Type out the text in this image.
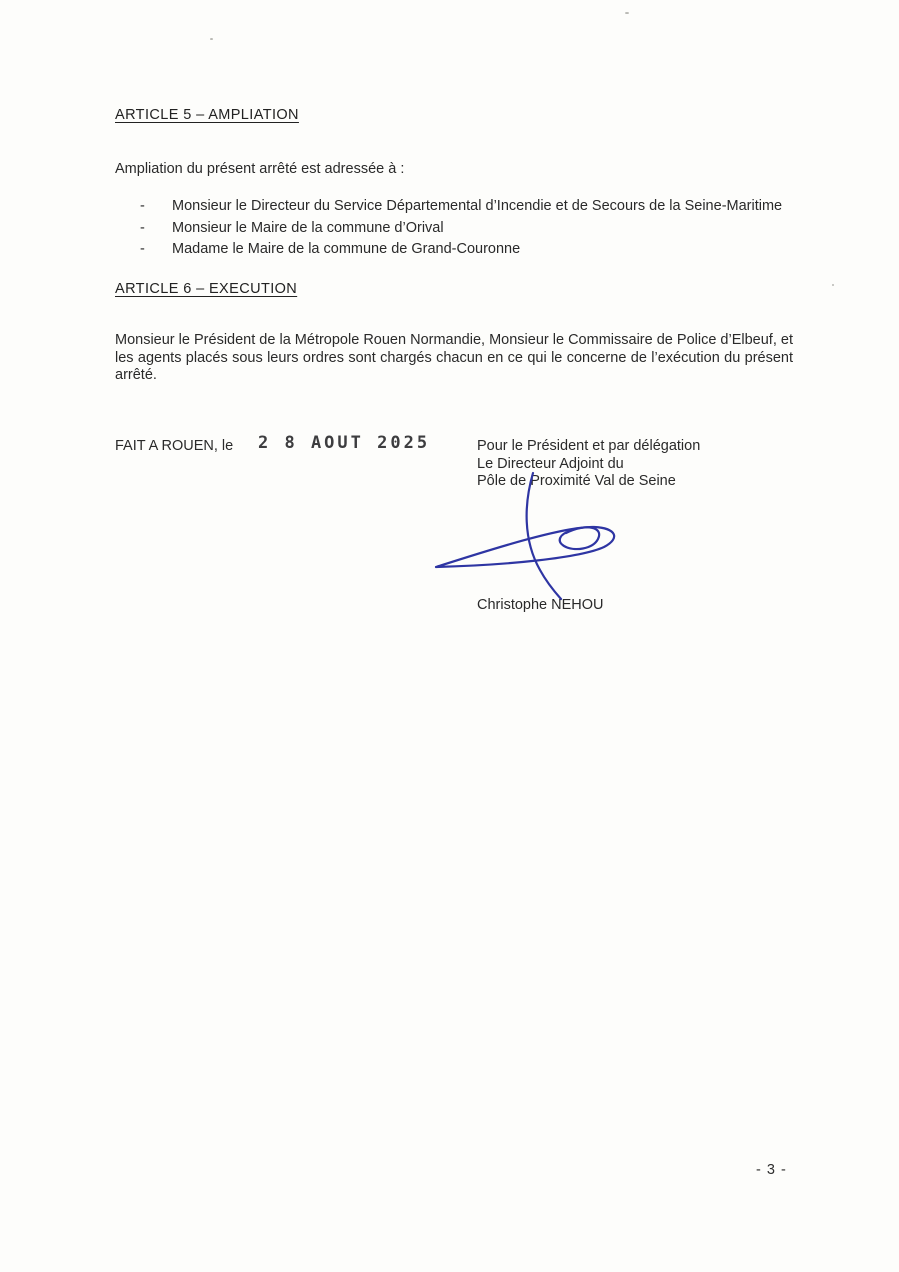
ARTICLE 5 – AMPLIATION
Ampliation du présent arrêté est adressée à :
-	Monsieur le Directeur du Service Départemental d’Incendie et de Secours de la Seine-Maritime
-	Monsieur le Maire de la commune d’Orival
-	Madame le Maire de la commune de Grand-Couronne
ARTICLE 6 – EXECUTION
Monsieur le Président de la Métropole Rouen Normandie, Monsieur le Commissaire de Police d’Elbeuf, et les agents placés sous leurs ordres sont chargés chacun en ce qui le concerne de l’exécution du présent arrêté.
FAIT A ROUEN, le 2 8 AOUT 2025	Pour le Président et par délégation
Le Directeur Adjoint du
Pôle de Proximité Val de Seine
Christophe NEHOU
- 3 -
